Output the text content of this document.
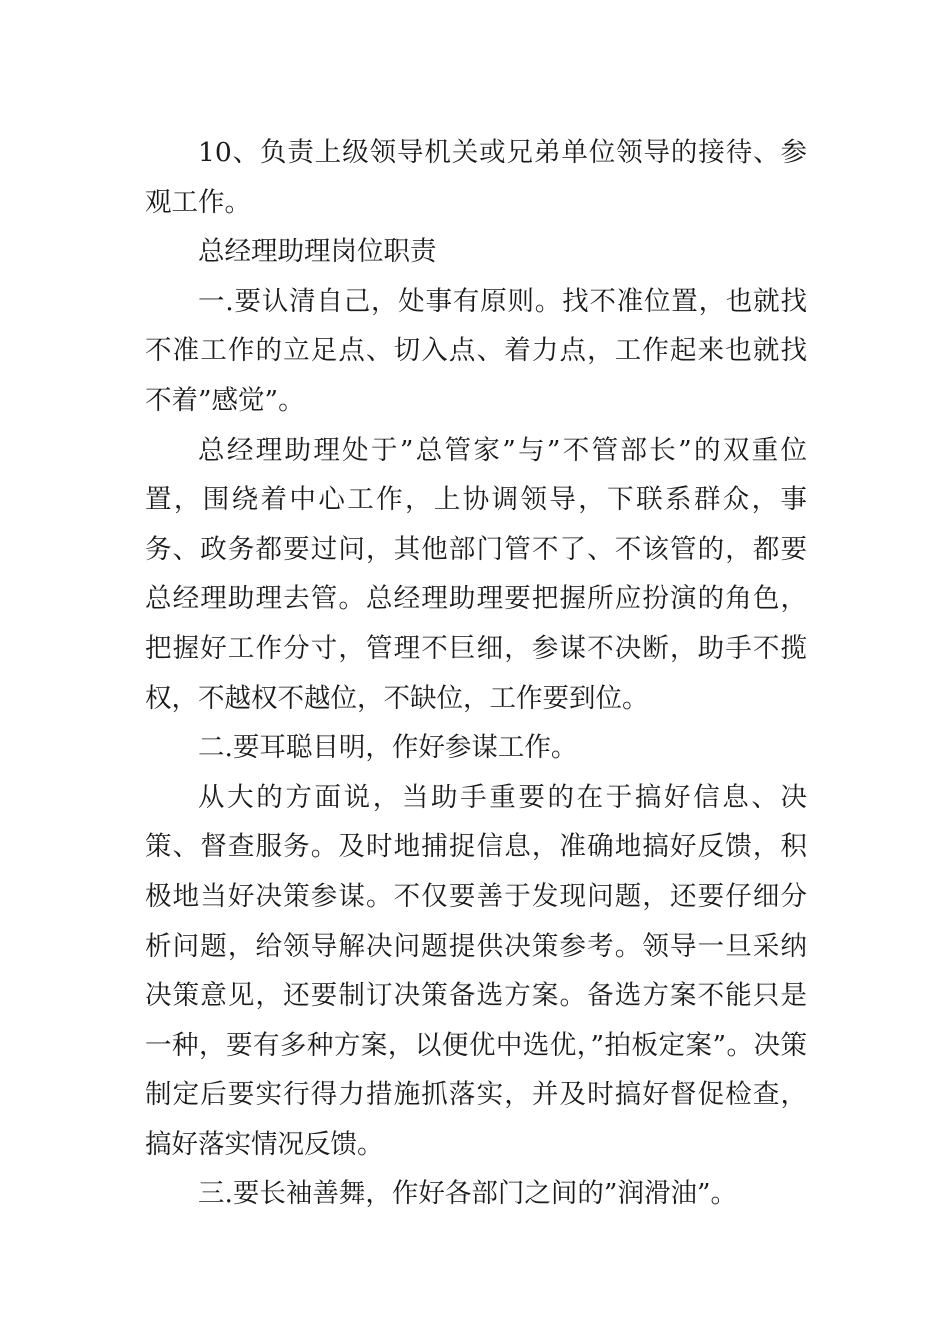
10、负责上级领导机关或兄弟单位领导的接待、参观工作。

总经理助理岗位职责

一.要认清自己，处事有原则。找不准位置，也就找不准工作的立足点、切入点、着力点，工作起来也就找不着”感觉”。

总经理助理处于”总管家”与”不管部长”的双重位置，围绕着中心工作，上协调领导，下联系群众，事务、政务都要过问，其他部门管不了、不该管的，都要总经理助理去管。总经理助理要把握所应扮演的角色，把握好工作分寸，管理不巨细，参谋不决断，助手不揽权，不越权不越位，不缺位，工作要到位。

二.要耳聪目明，作好参谋工作。

从大的方面说，当助手重要的在于搞好信息、决策、督查服务。及时地捕捉信息，准确地搞好反馈，积极地当好决策参谋。不仅要善于发现问题，还要仔细分析问题，给领导解决问题提供决策参考。领导一旦采纳决策意见，还要制订决策备选方案。备选方案不能只是一种，要有多种方案，以便优中选优，”拍板定案”。决策制定后要实行得力措施抓落实，并及时搞好督促检查，搞好落实情况反馈。

三.要长袖善舞，作好各部门之间的”润滑油”。
